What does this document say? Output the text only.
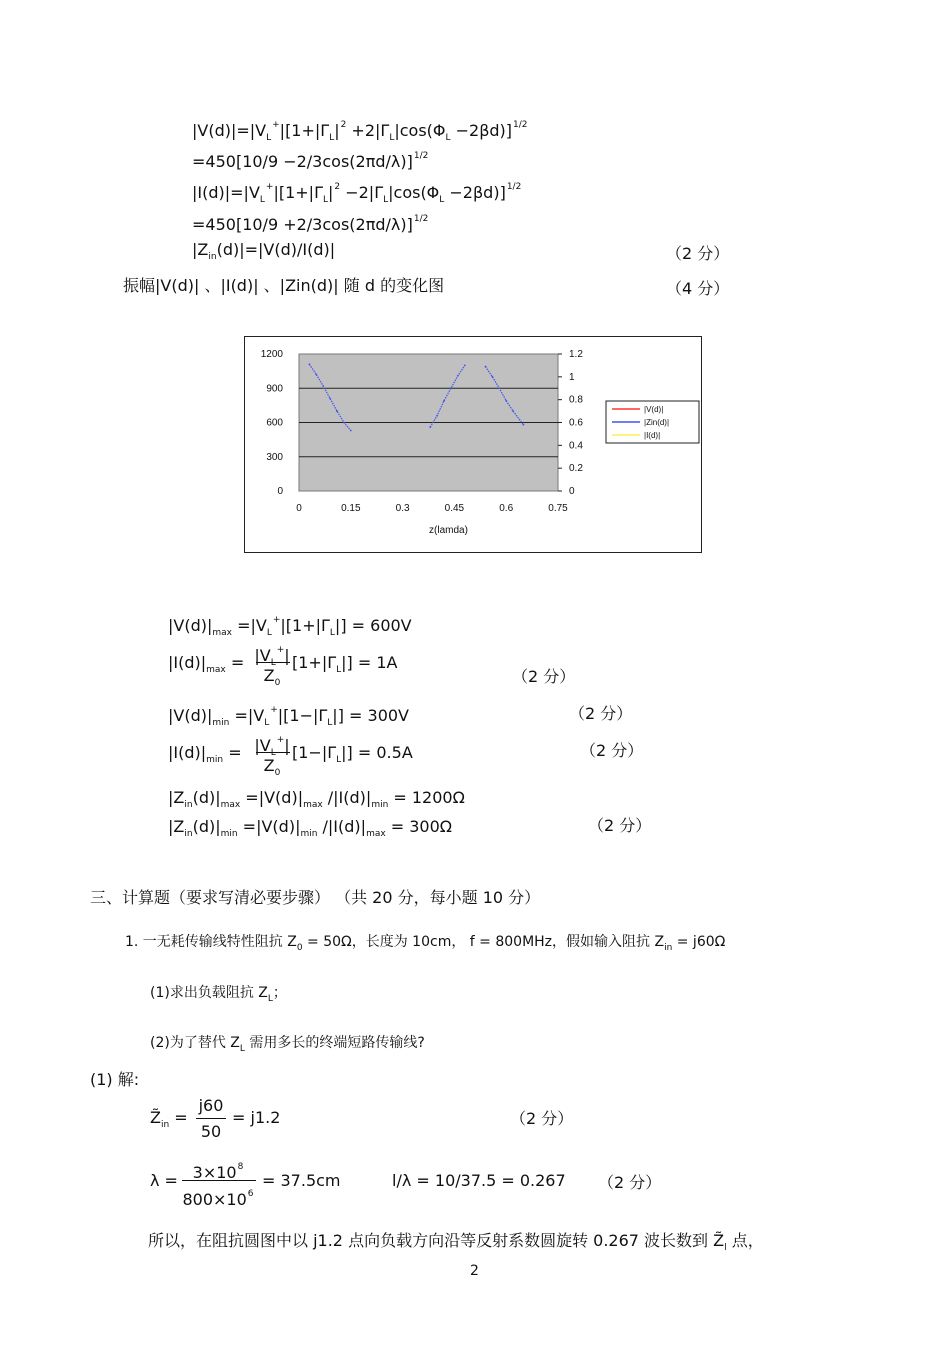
$|V(d)|=|V_L^+|[1+|\Gamma_L|^2 +2|\Gamma_L|\cos(\Phi_L -2\beta d)]^{1/2}$
$=450[10/9 -2/3\cos(2\pi d/\lambda)]^{1/2}$
$|I(d)|=|V_L^+|[1+|\Gamma_L|^2 -2|\Gamma_L|\cos(\Phi_L -2\beta d)]^{1/2}$
$=450[10/9 +2/3\cos(2\pi d/\lambda)]^{1/2}$
$|Z_{in}(d)|=|V(d)/I(d)|$	（2 分）
振幅|V(d)| 、|I(d)| 、|Zin(d)| 随 d 的变化图	（4 分）
0
300
600
900
1200
0
0.2
0.4
0.6
0.8
1
1.2
0	0.15	0.3	0.45	0.6	0.75
z(lamda)
|V(d)|
|Zin(d)|
|I(d)|
$|V(d)|_{max} =|V_L^+|[1+|\Gamma_L|] = 600V$
$|I(d)|_{max} = |V_L^+|$
$Z_0$
$[1+|\Gamma_L|] = 1A$
（2 分）
$|V(d)|_{min} =|V_L^+|[1-|\Gamma_L|] = 300V$	（2 分）
$|I(d)|_{min} = |V_L^+|$
$Z_0$
$[1-|\Gamma_L|] = 0.5A$	（2 分）
$|Z_{in}(d)|_{max} =|V(d)|_{max}$ $/|I(d)|_{min} = 1200\Omega$
$|Z_{in}(d)|_{min} =|V(d)|_{min}$ $/|I(d)|_{max} = 300\Omega$	（2 分）
三、计算题（要求写清必要步骤） （共 20 分，每小题 10 分）
1. 一无耗传输线特性阻抗 $Z_0 = 50\Omega$，长度为 10cm， f = 800MHz，假如输入阻抗 $Z_{in} = j60\Omega$
(1)求出负载阻抗 $Z_L$；
(2)为了替代 $Z_L$ 需用多长的终端短路传输线?
(1) 解:
$Z̃_{in}$ =
j60
50
= j1.2	（2 分）
$\lambda = 3\times 10^8$
$800\times 10^6$
= 37.5cm	l/λ = 10/37.5 = 0.267 （2 分）
所以，在阻抗圆图中以 j1.2 点向负载方向沿等反射系数圆旋转 0.267 波长数到 $Z̃_l$ 点，
2
